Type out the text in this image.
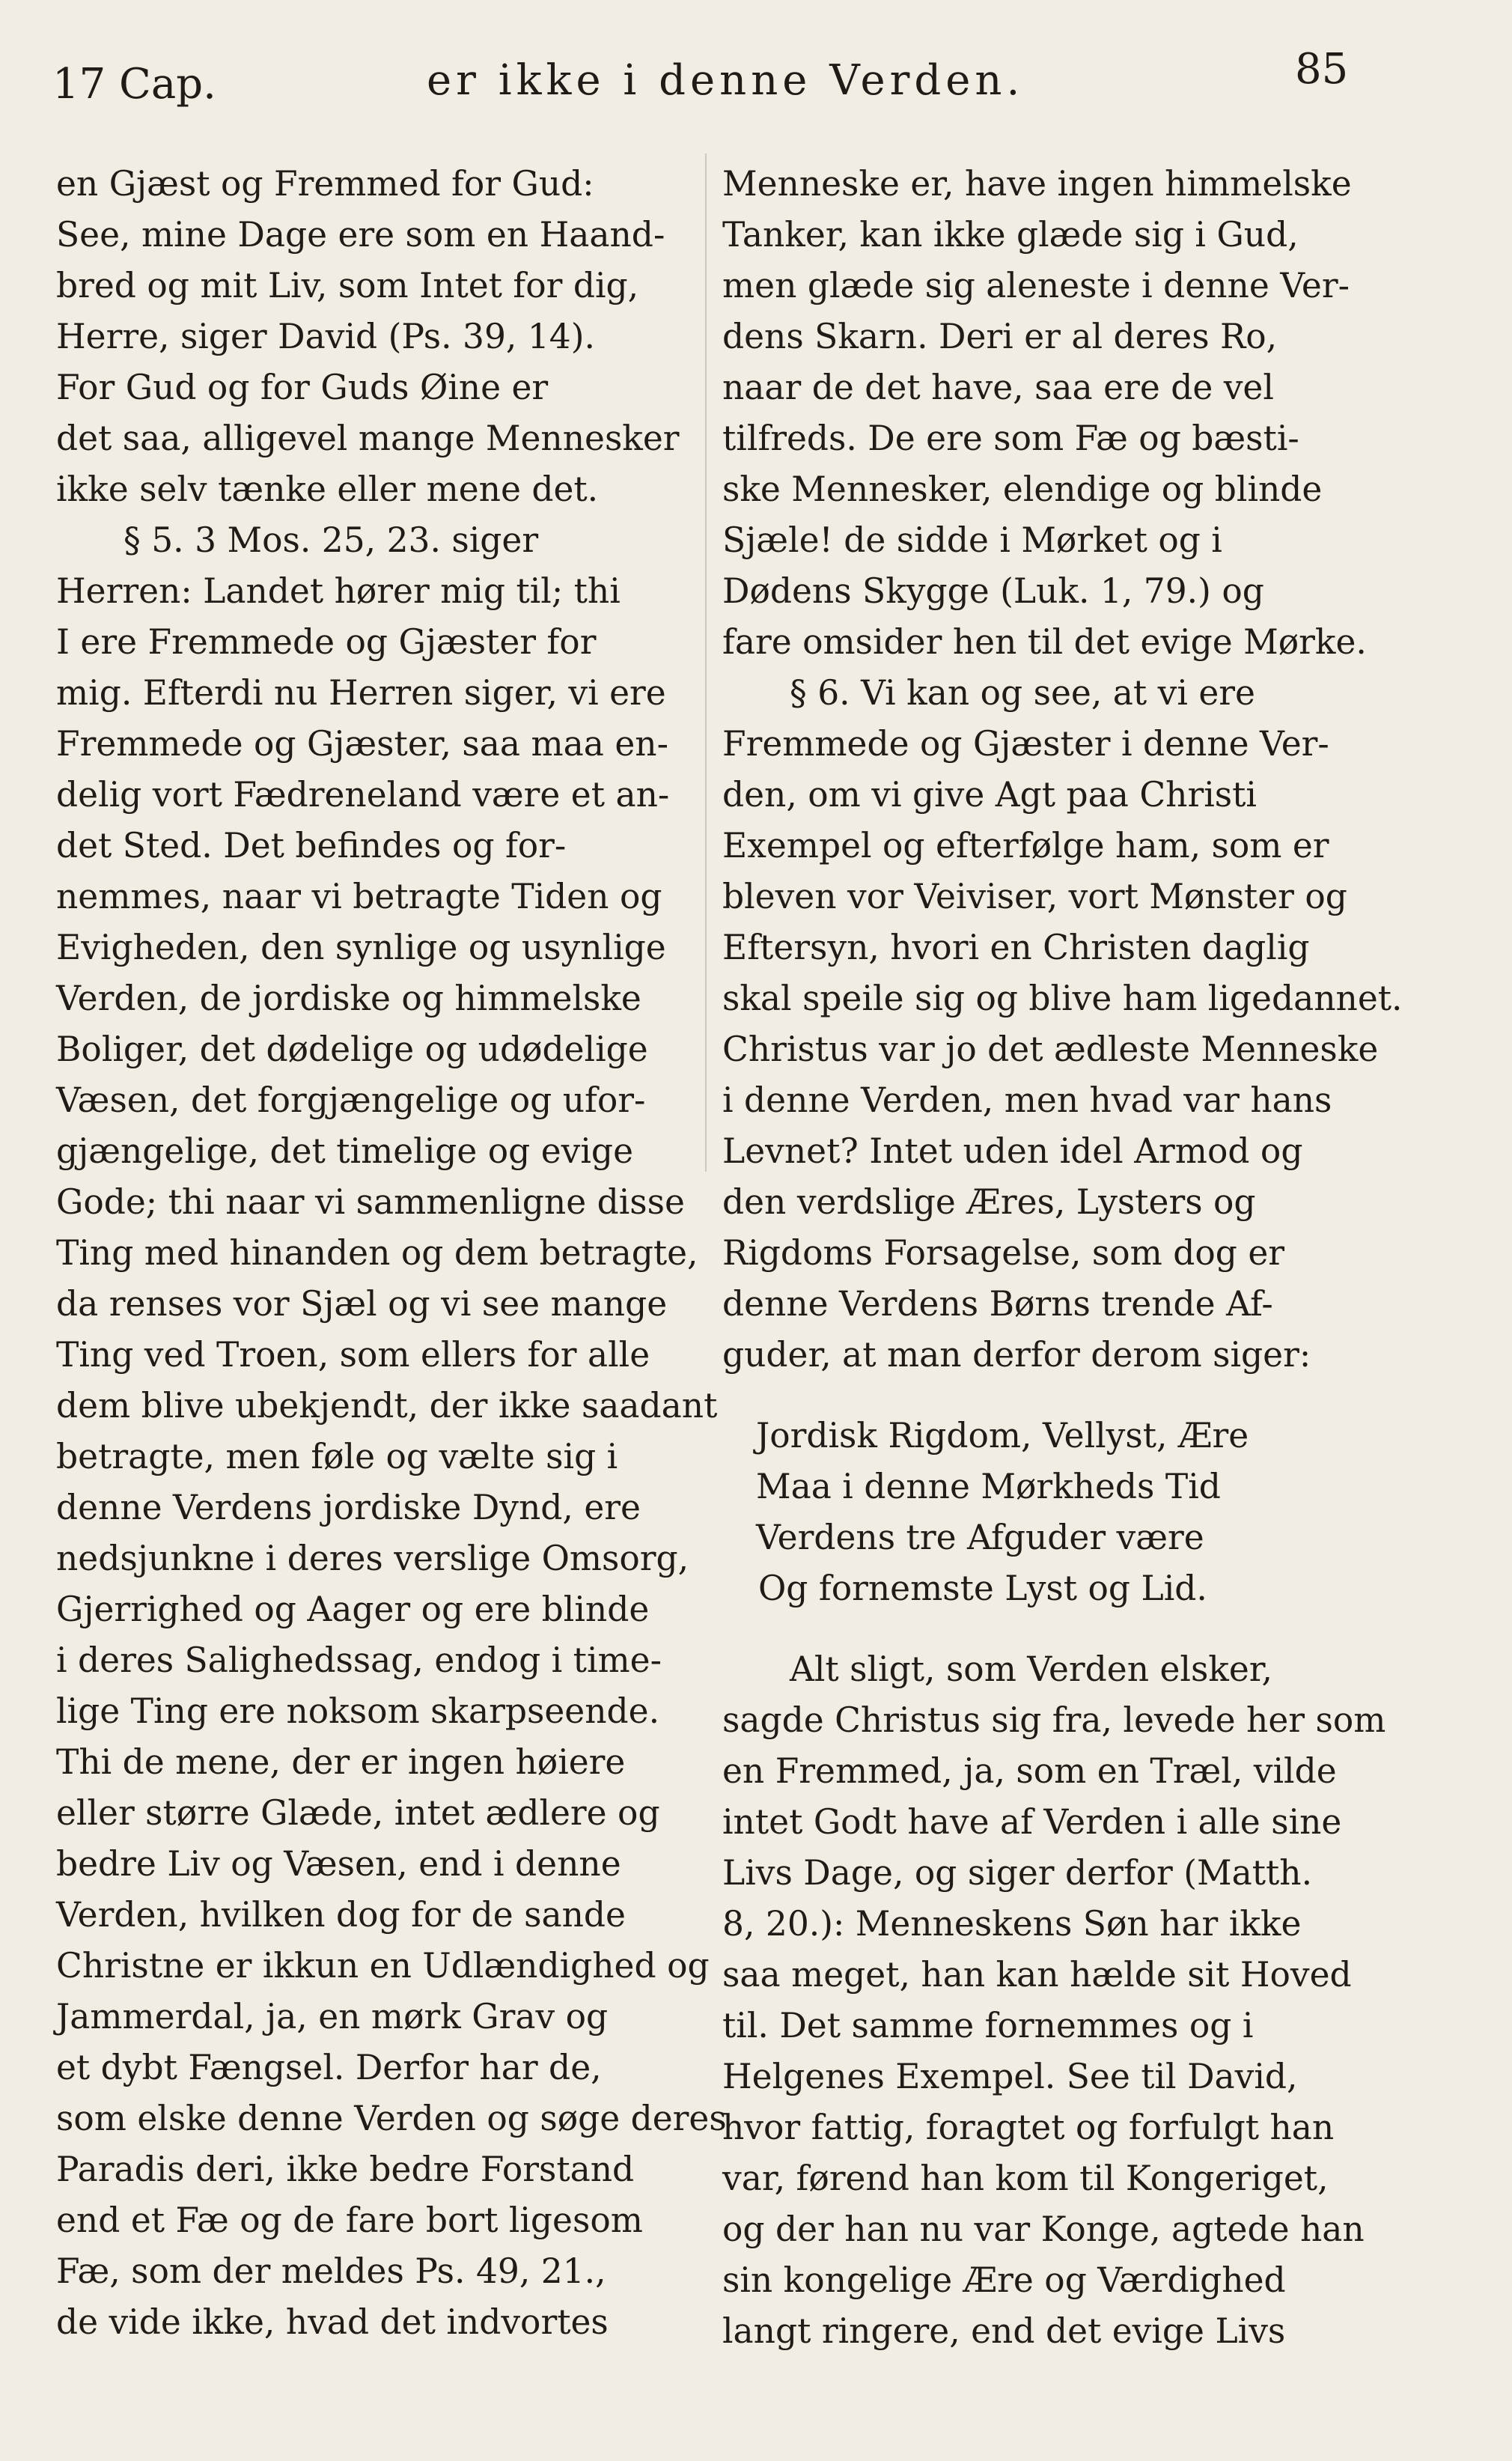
17 Cap.	er ikke i denne Verden.	85
en Gjæst og Fremmed for Gud:
See, mine Dage ere som en Haand-
bred og mit Liv, som Intet for dig,
Herre, siger David (Ps. 39, 14).
For Gud og for Guds Øine er
det saa, alligevel mange Mennesker
ikke selv tænke eller mene det.
§ 5. 3 Mos. 25, 23. siger
Herren: Landet hører mig til; thi
I ere Fremmede og Gjæster for
mig. Efterdi nu Herren siger, vi ere
Fremmede og Gjæster, saa maa en-
delig vort Fædreneland være et an-
det Sted. Det befindes og for-
nemmes, naar vi betragte Tiden og
Evigheden, den synlige og usynlige
Verden, de jordiske og himmelske
Boliger, det dødelige og udødelige
Væsen, det forgjængelige og ufor-
gjængelige, det timelige og evige
Gode; thi naar vi sammenligne disse
Ting med hinanden og dem betragte,
da renses vor Sjæl og vi see mange
Ting ved Troen, som ellers for alle
dem blive ubekjendt, der ikke saadant
betragte, men føle og vælte sig i
denne Verdens jordiske Dynd, ere
nedsjunkne i deres verslige Omsorg,
Gjerrighed og Aager og ere blinde
i deres Salighedssag, endog i time-
lige Ting ere noksom skarpseende.
Thi de mene, der er ingen høiere
eller større Glæde, intet ædlere og
bedre Liv og Væsen, end i denne
Verden, hvilken dog for de sande
Christne er ikkun en Udlændighed og
Jammerdal, ja, en mørk Grav og
et dybt Fængsel. Derfor har de,
som elske denne Verden og søge deres
Paradis deri, ikke bedre Forstand
end et Fæ og de fare bort ligesom
Fæ, som der meldes Ps. 49, 21.,
de vide ikke, hvad det indvortes
Menneske er, have ingen himmelske
Tanker, kan ikke glæde sig i Gud,
men glæde sig aleneste i denne Ver-
dens Skarn. Deri er al deres Ro,
naar de det have, saa ere de vel
tilfreds. De ere som Fæ og bæsti-
ske Mennesker, elendige og blinde
Sjæle! de sidde i Mørket og i
Dødens Skygge (Luk. 1, 79.) og
fare omsider hen til det evige Mørke.
§ 6. Vi kan og see, at vi ere
Fremmede og Gjæster i denne Ver-
den, om vi give Agt paa Christi
Exempel og efterfølge ham, som er
bleven vor Veiviser, vort Mønster og
Eftersyn, hvori en Christen daglig
skal speile sig og blive ham ligedannet.
Christus var jo det ædleste Menneske
i denne Verden, men hvad var hans
Levnet? Intet uden idel Armod og
den verdslige Æres, Lysters og
Rigdoms Forsagelse, som dog er
denne Verdens Børns trende Af-
guder, at man derfor derom siger:
Jordisk Rigdom, Vellyst, Ære
Maa i denne Mørkheds Tid
Verdens tre Afguder være
Og fornemste Lyst og Lid.
Alt sligt, som Verden elsker,
sagde Christus sig fra, levede her som
en Fremmed, ja, som en Træl, vilde
intet Godt have af Verden i alle sine
Livs Dage, og siger derfor (Matth.
8, 20.): Menneskens Søn har ikke
saa meget, han kan hælde sit Hoved
til. Det samme fornemmes og i
Helgenes Exempel. See til David,
hvor fattig, foragtet og forfulgt han
var, førend han kom til Kongeriget,
og der han nu var Konge, agtede han
sin kongelige Ære og Værdighed
langt ringere, end det evige Livs
